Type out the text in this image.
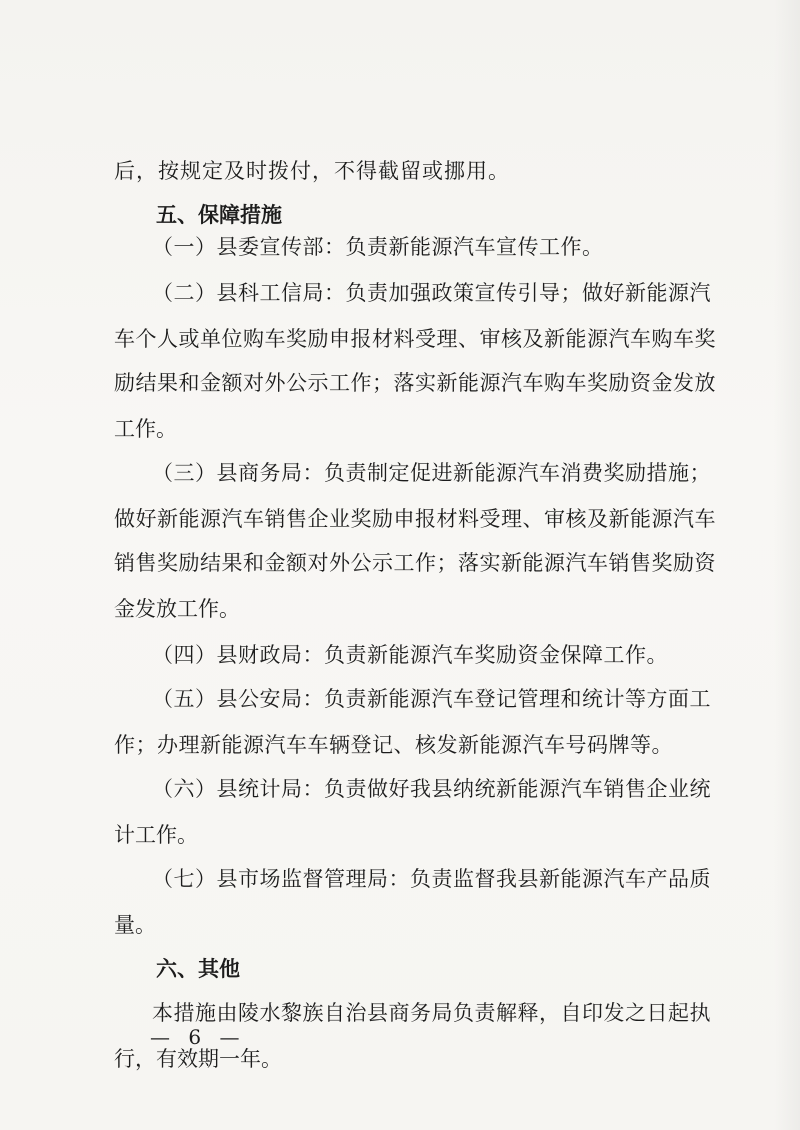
后，按规定及时拨付，不得截留或挪用。
五、保障措施
（一）县委宣传部：负责新能源汽车宣传工作。
（二）县科工信局：负责加强政策宣传引导；做好新能源汽
车个人或单位购车奖励申报材料受理、审核及新能源汽车购车奖
励结果和金额对外公示工作；落实新能源汽车购车奖励资金发放
工作。
（三）县商务局：负责制定促进新能源汽车消费奖励措施；
做好新能源汽车销售企业奖励申报材料受理、审核及新能源汽车
销售奖励结果和金额对外公示工作；落实新能源汽车销售奖励资
金发放工作。
（四）县财政局：负责新能源汽车奖励资金保障工作。
（五）县公安局：负责新能源汽车登记管理和统计等方面工
作；办理新能源汽车车辆登记、核发新能源汽车号码牌等。
（六）县统计局：负责做好我县纳统新能源汽车销售企业统
计工作。
（七）县市场监督管理局：负责监督我县新能源汽车产品质
量。
六、其他
本措施由陵水黎族自治县商务局负责解释，自印发之日起执
行，有效期一年。
— 6 —
